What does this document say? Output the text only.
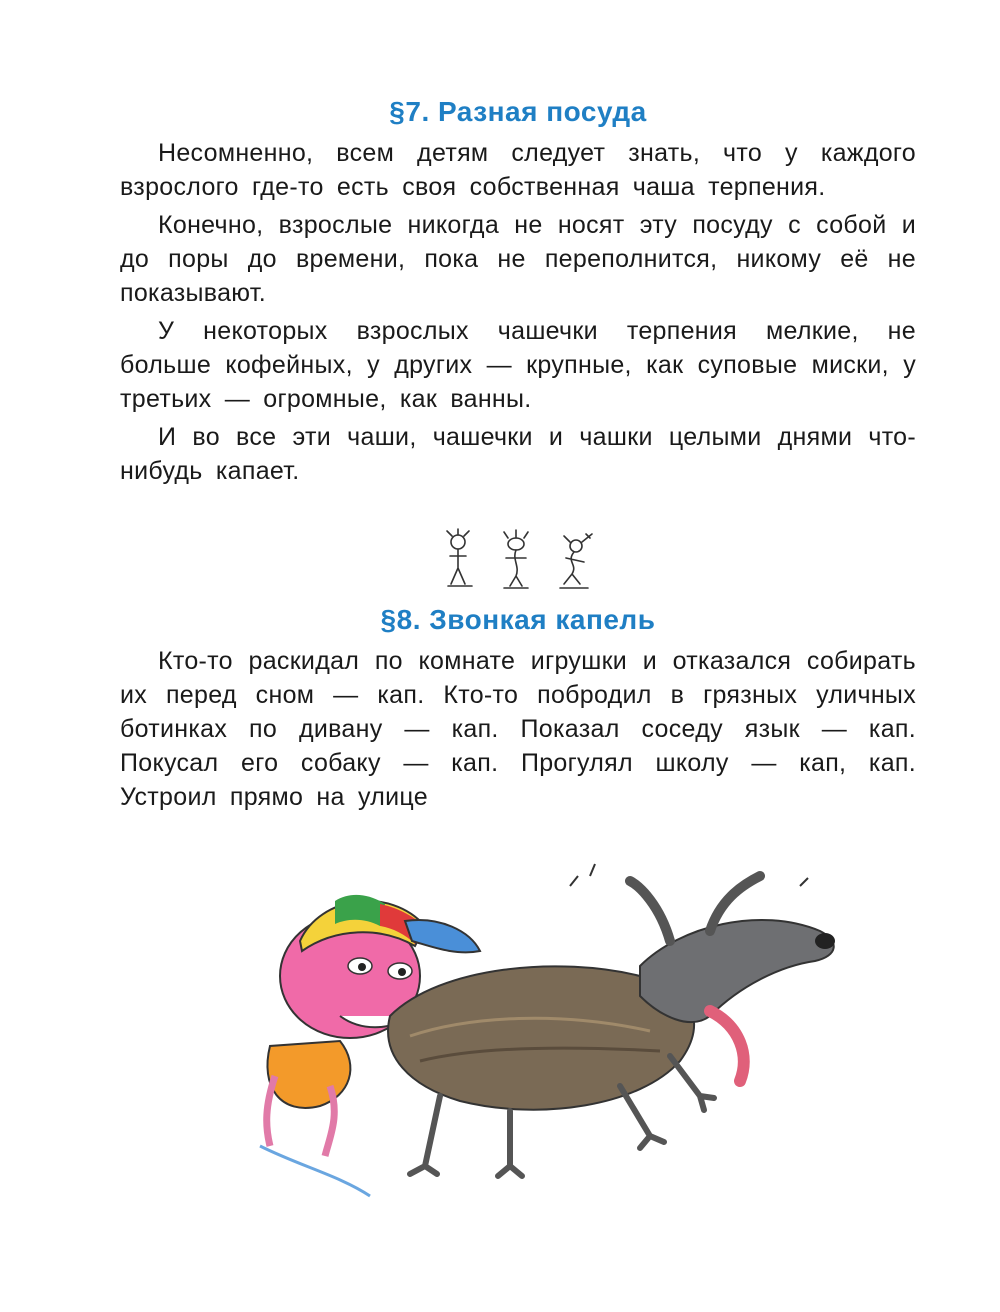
§7. Разная посуда

Несомненно, всем детям следует знать, что у каждого взрослого где-то есть своя собственная чаша терпения.

Конечно, взрослые никогда не носят эту посуду с собой и до поры до времени, пока не переполнится, никому её не показывают.

У некоторых взрослых чашечки терпения мелкие, не больше кофейных, у других — крупные, как суповые миски, у третьих — огромные, как ванны.

И во все эти чаши, чашечки и чашки целыми днями что-нибудь капает.

§8. Звонкая капель

Кто-то раскидал по комнате игрушки и отказался собирать их перед сном — кап. Кто-то побродил в грязных уличных ботинках по дивану — кап. Показал соседу язык — кап. Покусал его собаку — кап. Прогулял школу — кап, кап. Устроил прямо на улице
